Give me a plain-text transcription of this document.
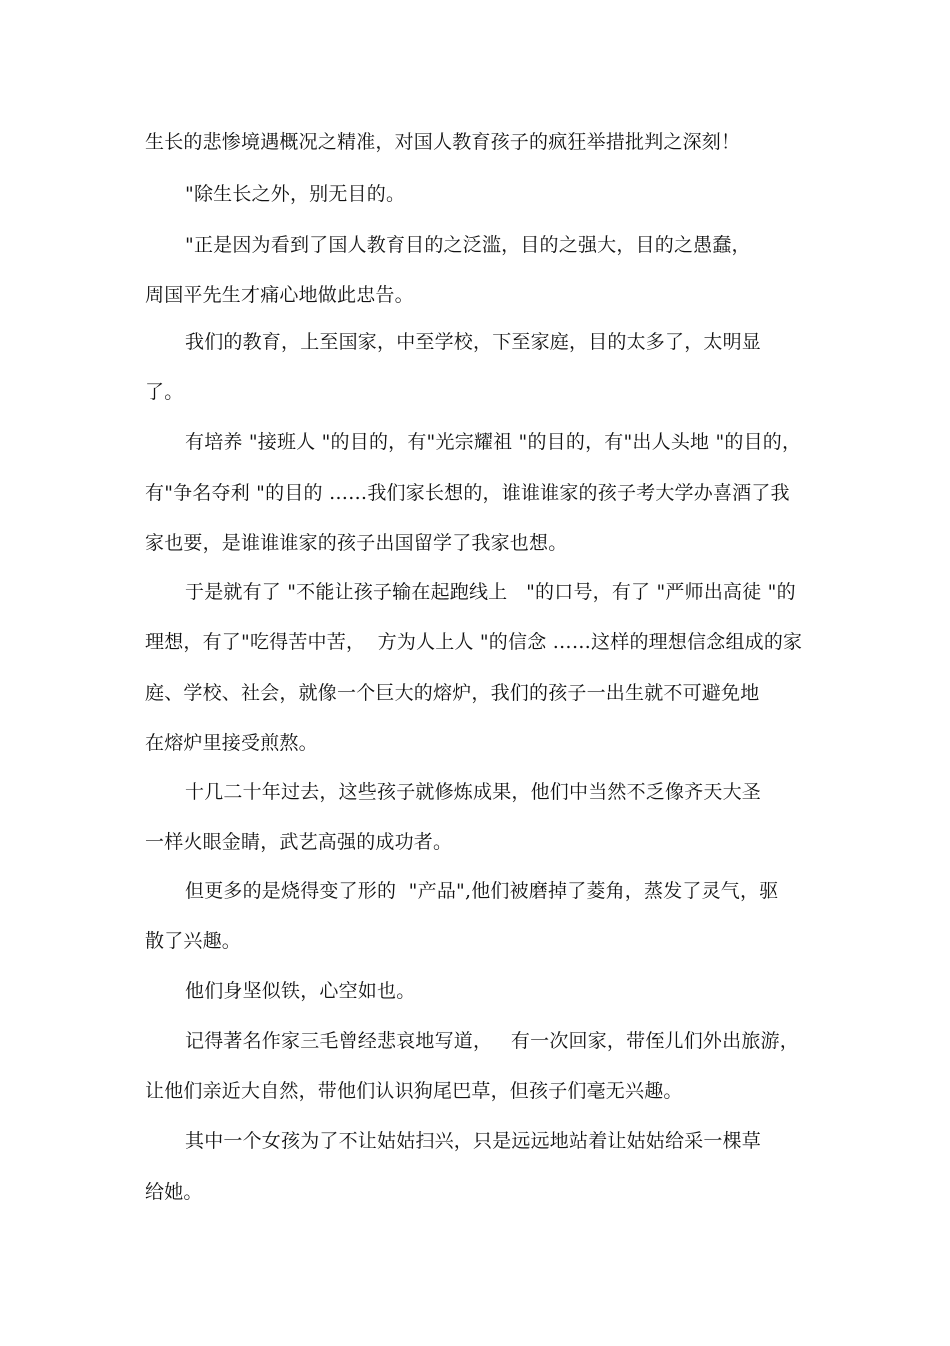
生长的悲惨境遇概况之精准，对国人教育孩子的疯狂举措批判之深刻！
"除生长之外，别无目的。
"正是因为看到了国人教育目的之泛滥，目的之强大，目的之愚蠢，
周国平先生才痛心地做此忠告。
我们的教育，上至国家，中至学校，下至家庭，目的太多了，太明显
了。
有培养 "接班人 "的目的，有"光宗耀祖 "的目的，有"出人头地 "的目的，
有"争名夺利 "的目的 ……我们家长想的，谁谁谁家的孩子考大学办喜酒了我
家也要，是谁谁谁家的孩子出国留学了我家也想。
于是就有了 "不能让孩子输在起跑线上   "的口号，有了 "严师出高徒 "的
理想，有了"吃得苦中苦，  方为人上人 "的信念 ……这样的理想信念组成的家
庭、学校、社会，就像一个巨大的熔炉，我们的孩子一出生就不可避免地
在熔炉里接受煎熬。
十几二十年过去，这些孩子就修炼成果，他们中当然不乏像齐天大圣
一样火眼金睛，武艺高强的成功者。
但更多的是烧得变了形的  "产品",他们被磨掉了菱角，蒸发了灵气，驱
散了兴趣。
他们身坚似铁，心空如也。
记得著名作家三毛曾经悲哀地写道，   有一次回家，带侄儿们外出旅游，
让他们亲近大自然，带他们认识狗尾巴草，但孩子们毫无兴趣。
其中一个女孩为了不让姑姑扫兴，只是远远地站着让姑姑给采一棵草
给她。
